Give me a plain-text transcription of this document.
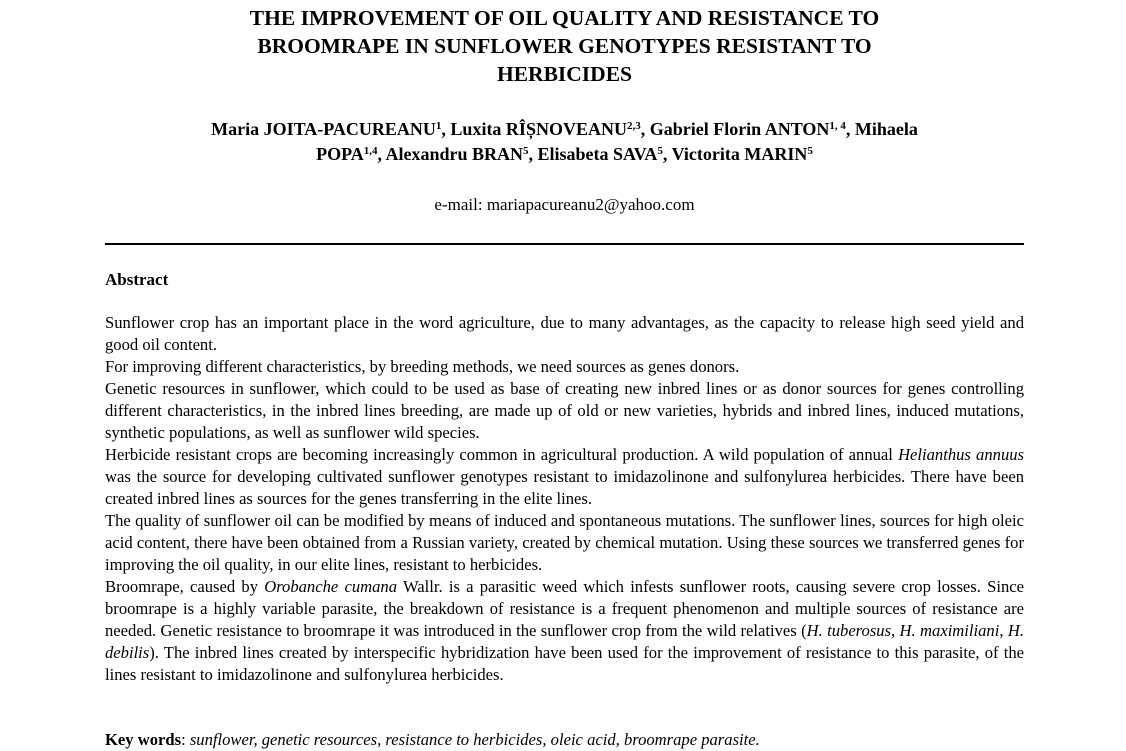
THE IMPROVEMENT OF OIL QUALITY AND RESISTANCE TO
BROOMRAPE IN SUNFLOWER GENOTYPES RESISTANT TO
HERBICIDES
Maria JOITA-PACUREANU$^1$, Luxita RÎȘNOVEANU$^{2,3}$, Gabriel Florin ANTON$^{1, 4}$, Mihaela
POPA$^{1,4}$, Alexandru BRAN$^5$, Elisabeta SAVA$^5$, Victorita MARIN$^5$
e-mail: mariapacureanu2@yahoo.com
Abstract

Sunflower crop has an important place in the word agriculture, due to many advantages, as the capacity to release high seed yield and good oil content.

For improving different characteristics, by breeding methods, we need sources as genes donors.

Genetic resources in sunflower, which could to be used as base of creating new inbred lines or as donor sources for genes controlling different characteristics, in the inbred lines breeding, are made up of old or new varieties, hybrids and inbred lines, induced mutations, synthetic populations, as well as sunflower wild species.

Herbicide resistant crops are becoming increasingly common in agricultural production. A wild population of annual Helianthus annuus was the source for developing cultivated sunflower genotypes resistant to imidazolinone and sulfonylurea herbicides. There have been created inbred lines as sources for the genes transferring in the elite lines.

The quality of sunflower oil can be modified by means of induced and spontaneous mutations. The sunflower lines, sources for high oleic acid content, there have been obtained from a Russian variety, created by chemical mutation. Using these sources we transferred genes for improving the oil quality, in our elite lines, resistant to herbicides.

Broomrape, caused by Orobanche cumana Wallr. is a parasitic weed which infests sunflower roots, causing severe crop losses. Since broomrape is a highly variable parasite, the breakdown of resistance is a frequent phenomenon and multiple sources of resistance are needed. Genetic resistance to broomrape it was introduced in the sunflower crop from the wild relatives (H. tuberosus, H. maximiliani, H. debilis). The inbred lines created by interspecific hybridization have been used for the improvement of resistance to this parasite, of the lines resistant to imidazolinone and sulfonylurea herbicides.

Key words: sunflower, genetic resources, resistance to herbicides, oleic acid, broomrape parasite.
